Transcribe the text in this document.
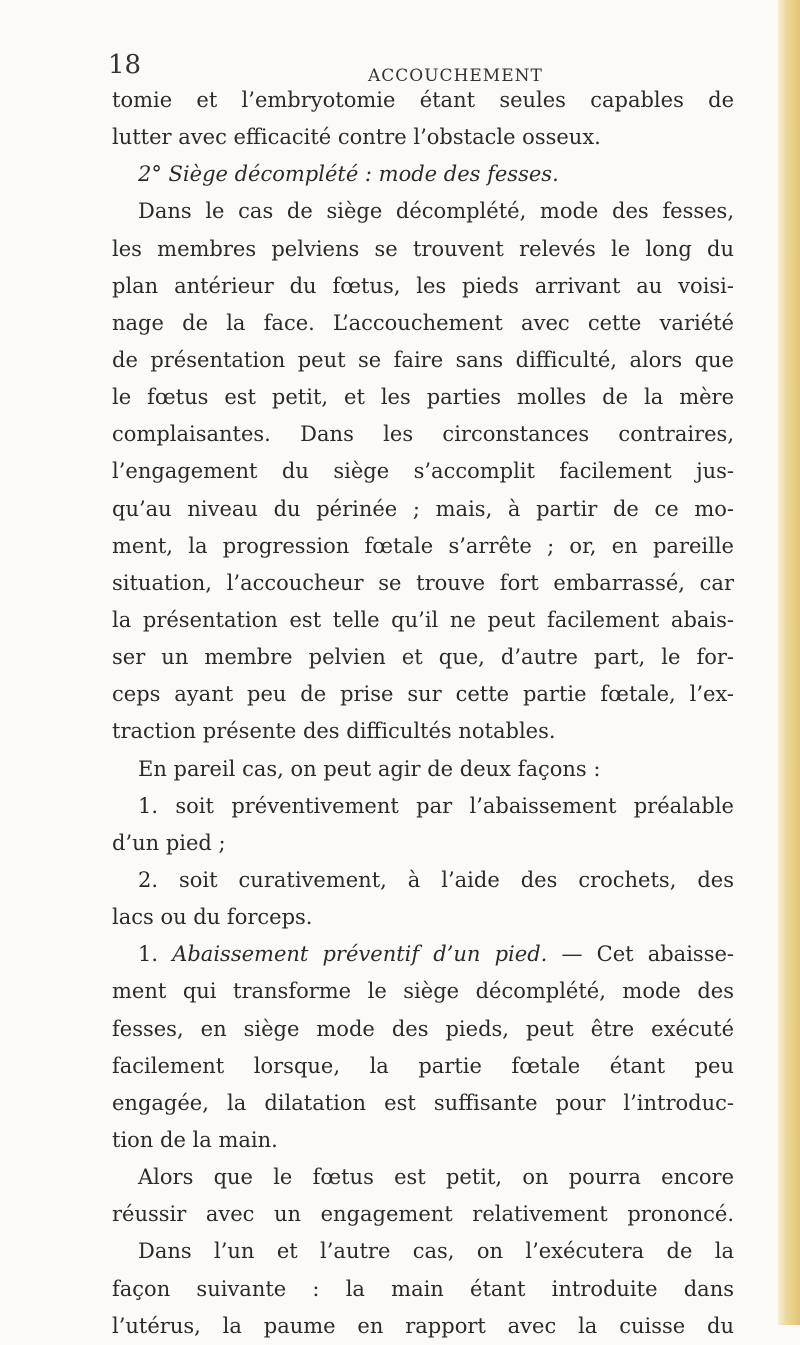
18	ACCOUCHEMENT
tomie et l’embryotomie étant seules capables de
lutter avec efficacité contre l’obstacle osseux.
2° Siège décomplété : mode des fesses.
Dans le cas de siège décomplété, mode des fesses,
les membres pelviens se trouvent relevés le long du
plan antérieur du fœtus, les pieds arrivant au voisi-
nage de la face. L’accouchement avec cette variété
de présentation peut se faire sans difficulté, alors que
le fœtus est petit, et les parties molles de la mère
complaisantes. Dans les circonstances contraires,
l’engagement du siège s’accomplit facilement jus-
qu’au niveau du périnée ; mais, à partir de ce mo-
ment, la progression fœtale s’arrête ; or, en pareille
situation, l’accoucheur se trouve fort embarrassé, car
la présentation est telle qu’il ne peut facilement abais-
ser un membre pelvien et que, d’autre part, le for-
ceps ayant peu de prise sur cette partie fœtale, l’ex-
traction présente des difficultés notables.
En pareil cas, on peut agir de deux façons :
1. soit préventivement par l’abaissement préalable
d’un pied ;
2. soit curativement, à l’aide des crochets, des
lacs ou du forceps.
1. Abaissement préventif d’un pied. — Cet abaisse-
ment qui transforme le siège décomplété, mode des
fesses, en siège mode des pieds, peut être exécuté
facilement lorsque, la partie fœtale étant peu
engagée, la dilatation est suffisante pour l’introduc-
tion de la main.
Alors que le fœtus est petit, on pourra encore
réussir avec un engagement relativement prononcé.
Dans l’un et l’autre cas, on l’exécutera de la
façon suivante : la main étant introduite dans
l’utérus, la paume en rapport avec la cuisse du
